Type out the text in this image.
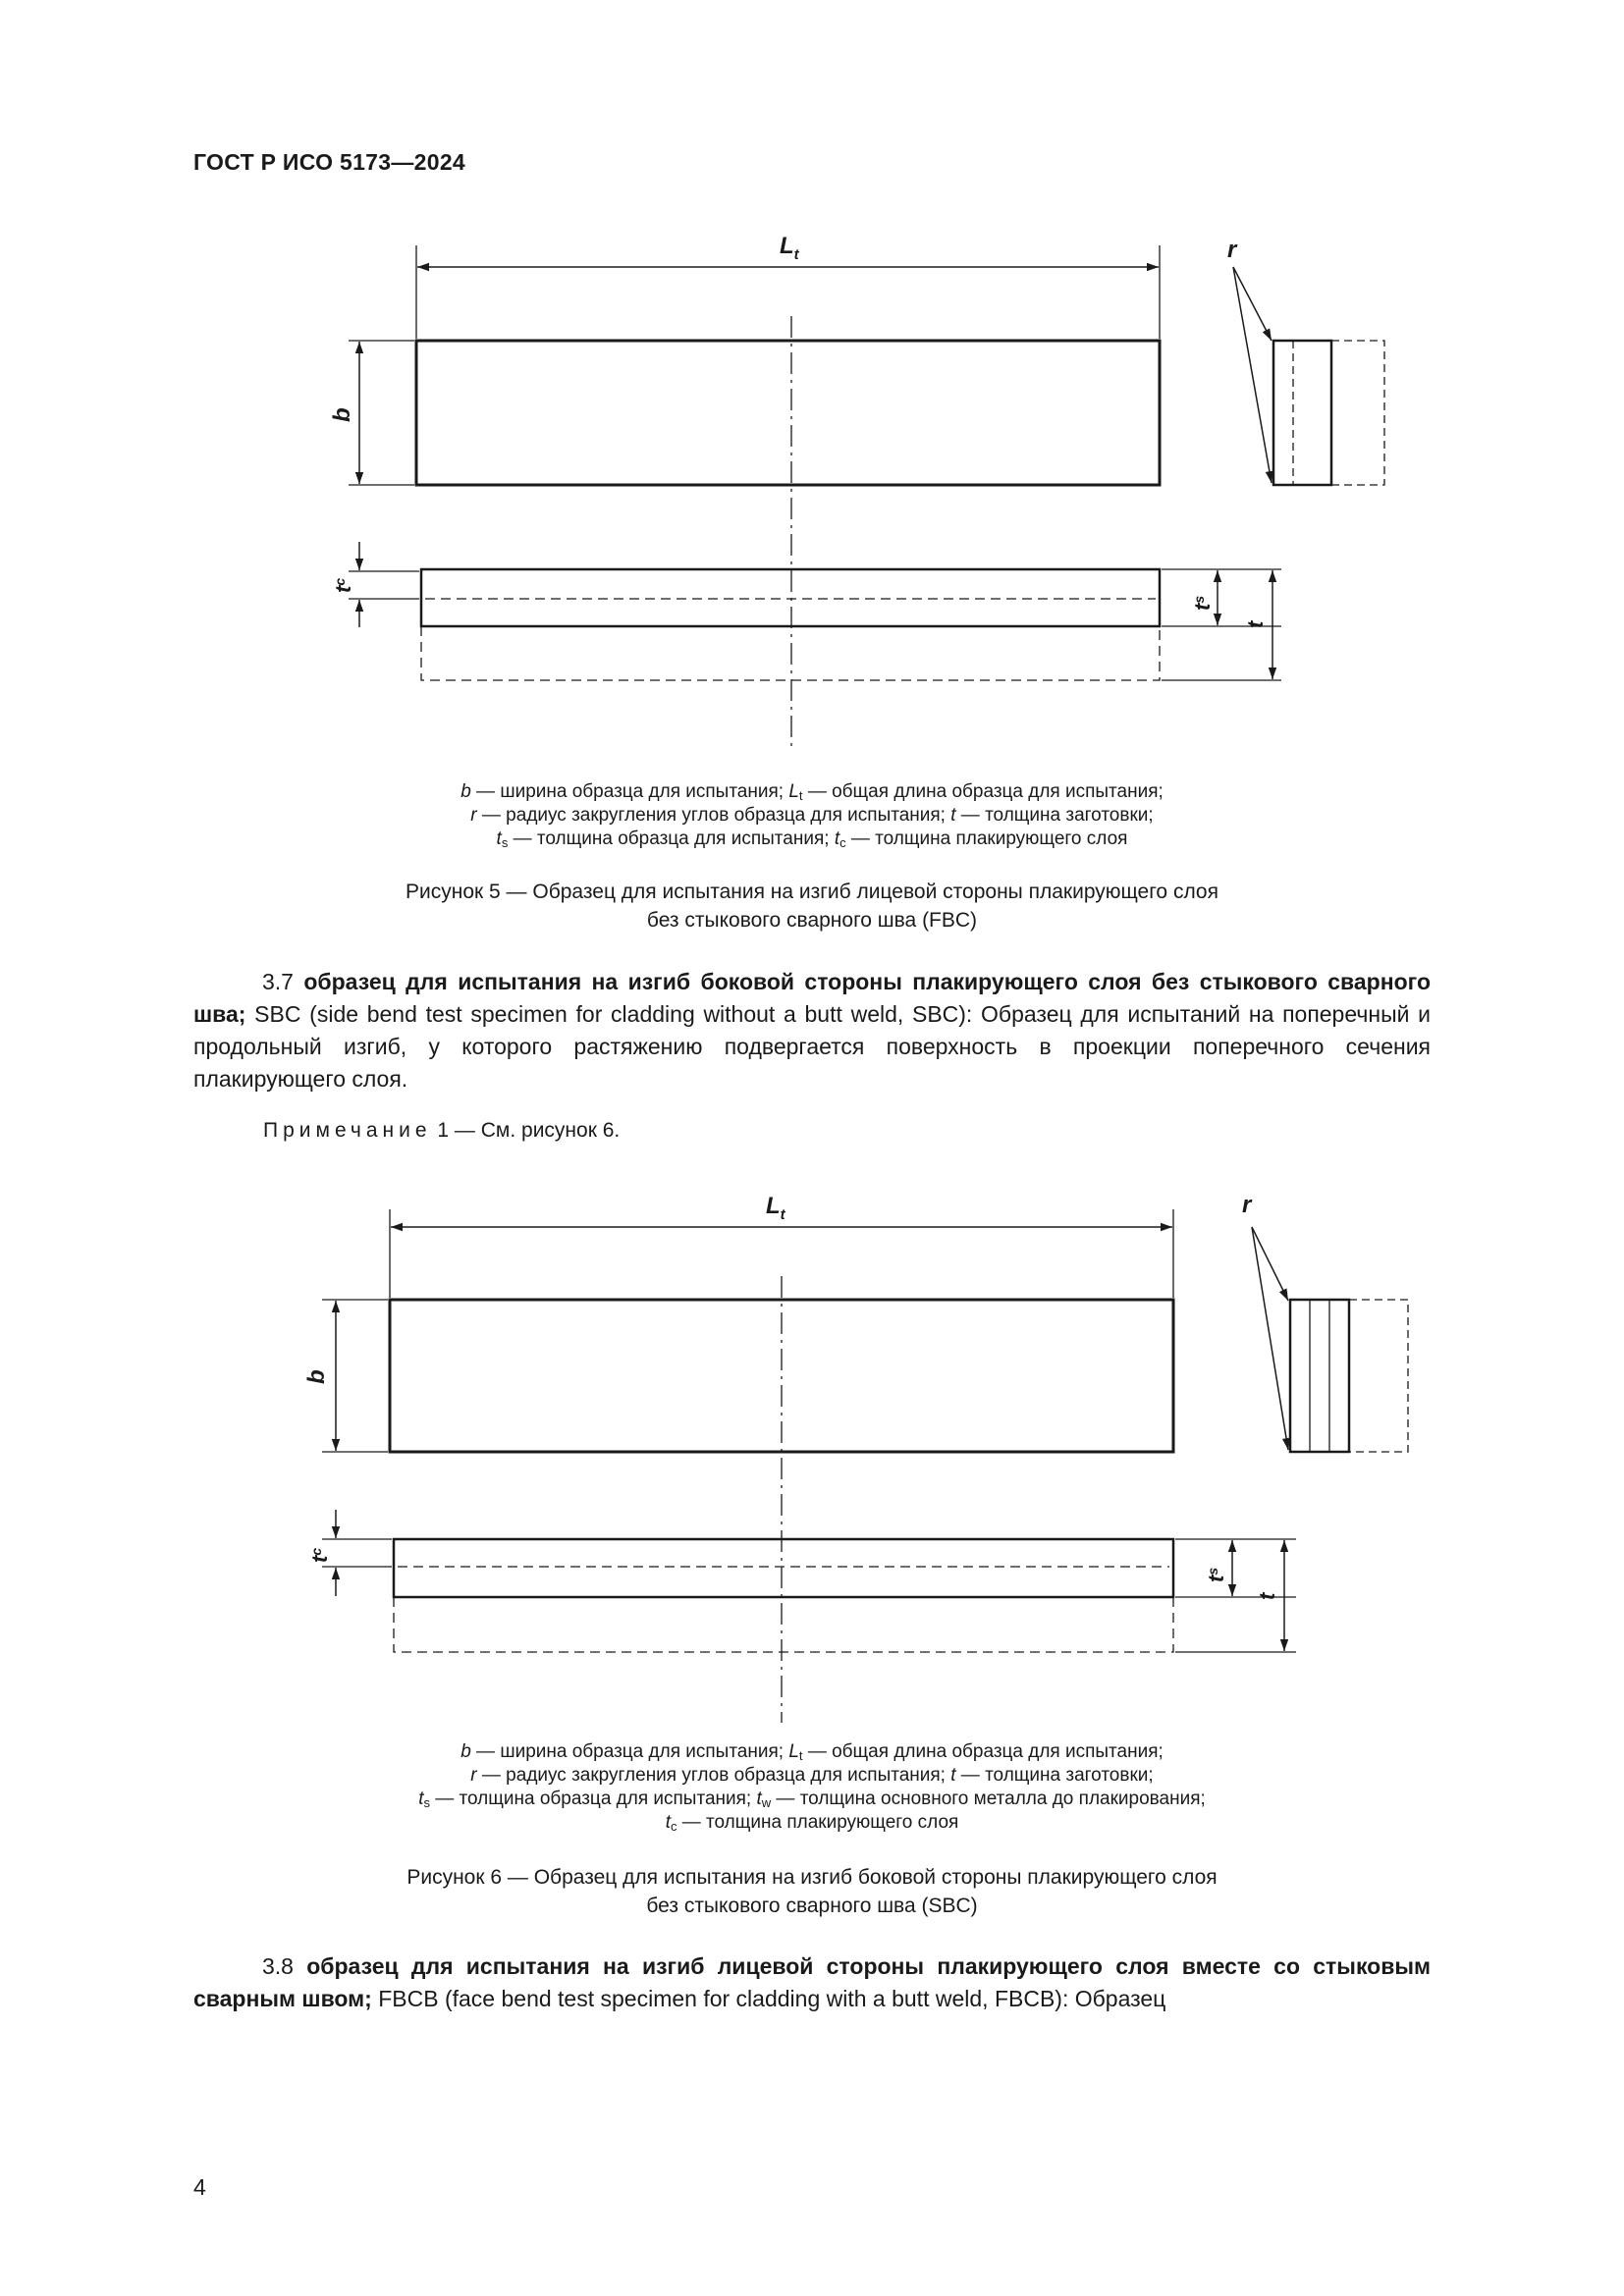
ГОСТ Р ИСО 5173—2024
$L_t$	r
b
$t^c$
$t^s$
t
b — ширина образца для испытания; $L_t$ — общая длина образца для испытания;
r — радиус закругления углов образца для испытания; t — толщина заготовки;
$t_s$ — толщина образца для испытания; $t_c$ — толщина плакирующего слоя
Рисунок 5 — Образец для испытания на изгиб лицевой стороны плакирующего слоя
без стыкового сварного шва (FBC)
3.7 образец для испытания на изгиб боковой стороны плакирующего слоя без стыкового сварного шва; SBC (side bend test specimen for cladding without a butt weld, SBC): Образец для испытаний на поперечный и продольный изгиб, у которого растяжению подвергается поверхность в проекции поперечного сечения плакирующего слоя.
Примечание 1 — См. рисунок 6.
$L_t$	r
b
$t^c$
$t^s$
t
b — ширина образца для испытания; $L_t$ — общая длина образца для испытания;
r — радиус закругления углов образца для испытания; t — толщина заготовки;
$t_s$ — толщина образца для испытания; $t_w$ — толщина основного металла до плакирования;
$t_c$ — толщина плакирующего слоя
Рисунок 6 — Образец для испытания на изгиб боковой стороны плакирующего слоя
без стыкового сварного шва (SBC)
3.8 образец для испытания на изгиб лицевой стороны плакирующего слоя вместе со стыковым сварным швом; FBCB (face bend test specimen for cladding with a butt weld, FBCB): Образец
4
